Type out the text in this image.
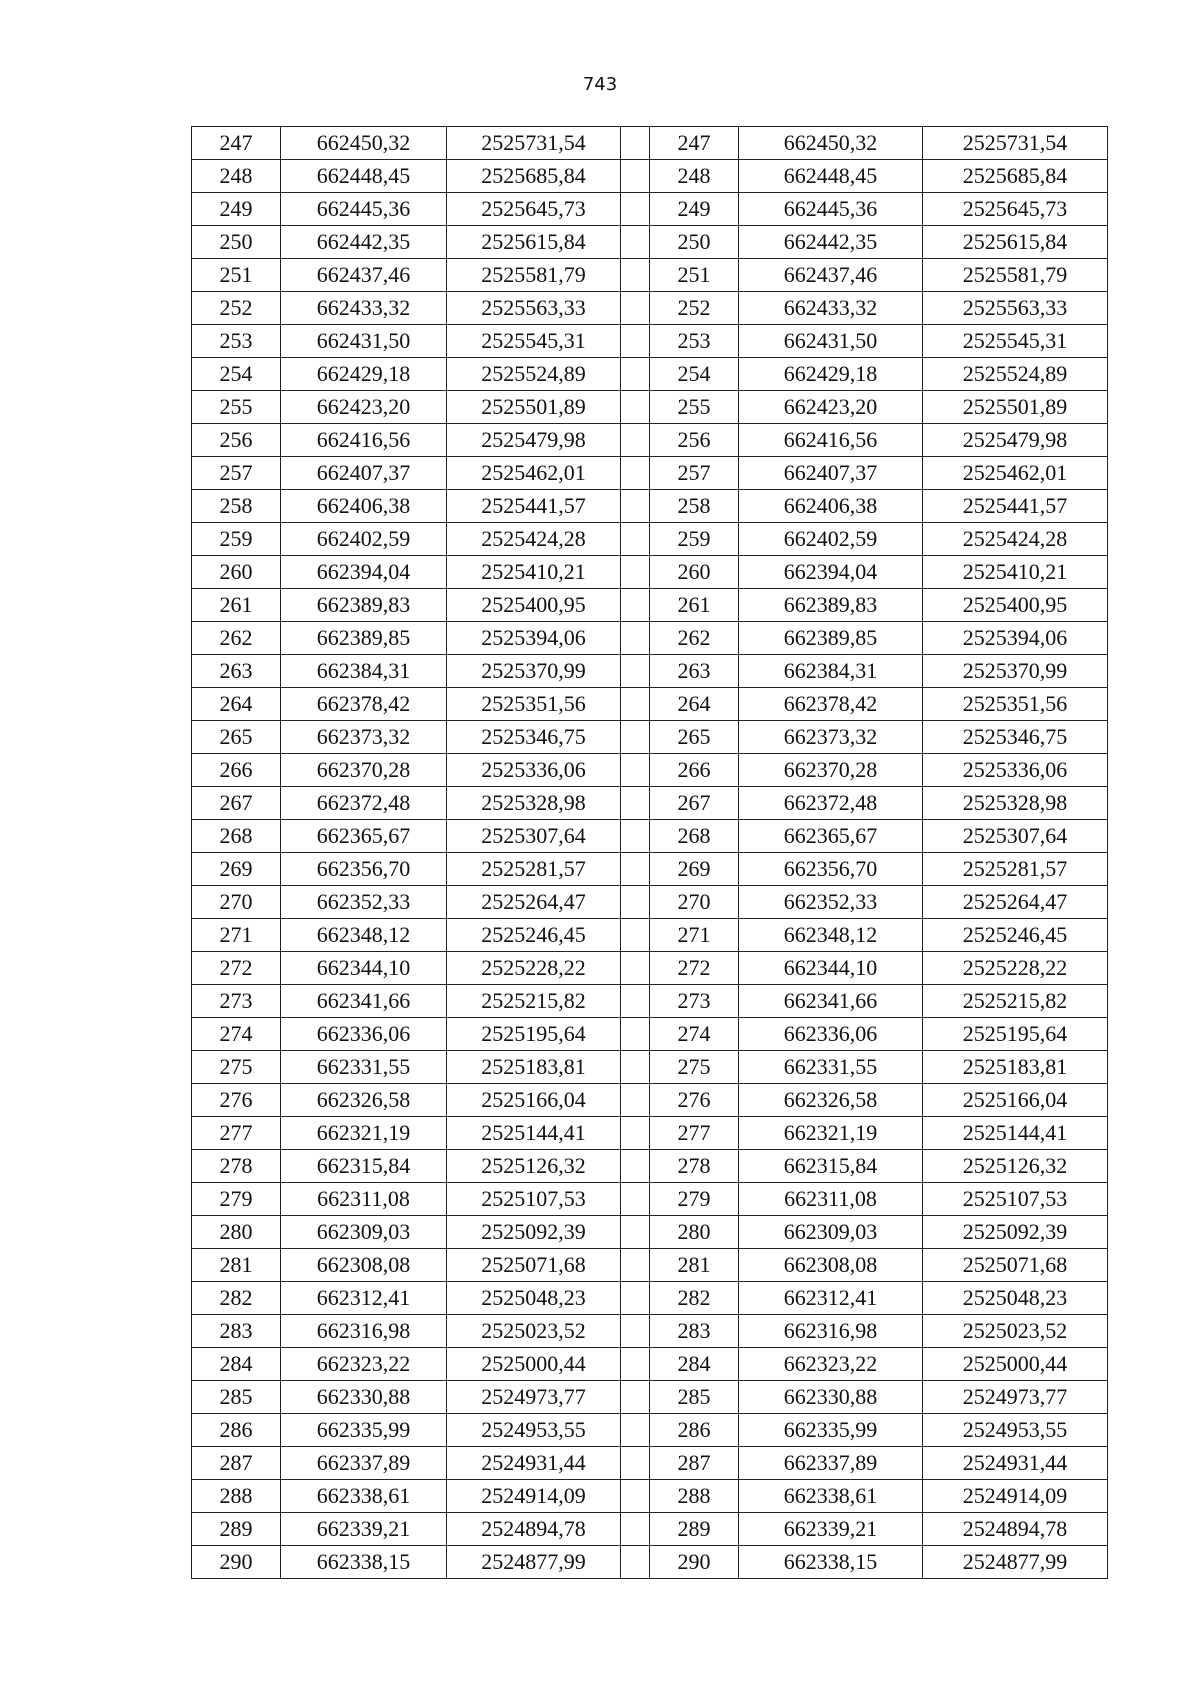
743
247	662450,32	2525731,54		247	662450,32	2525731,54
248	662448,45	2525685,84		248	662448,45	2525685,84
249	662445,36	2525645,73		249	662445,36	2525645,73
250	662442,35	2525615,84		250	662442,35	2525615,84
251	662437,46	2525581,79		251	662437,46	2525581,79
252	662433,32	2525563,33		252	662433,32	2525563,33
253	662431,50	2525545,31		253	662431,50	2525545,31
254	662429,18	2525524,89		254	662429,18	2525524,89
255	662423,20	2525501,89		255	662423,20	2525501,89
256	662416,56	2525479,98		256	662416,56	2525479,98
257	662407,37	2525462,01		257	662407,37	2525462,01
258	662406,38	2525441,57		258	662406,38	2525441,57
259	662402,59	2525424,28		259	662402,59	2525424,28
260	662394,04	2525410,21		260	662394,04	2525410,21
261	662389,83	2525400,95		261	662389,83	2525400,95
262	662389,85	2525394,06		262	662389,85	2525394,06
263	662384,31	2525370,99		263	662384,31	2525370,99
264	662378,42	2525351,56		264	662378,42	2525351,56
265	662373,32	2525346,75		265	662373,32	2525346,75
266	662370,28	2525336,06		266	662370,28	2525336,06
267	662372,48	2525328,98		267	662372,48	2525328,98
268	662365,67	2525307,64		268	662365,67	2525307,64
269	662356,70	2525281,57		269	662356,70	2525281,57
270	662352,33	2525264,47		270	662352,33	2525264,47
271	662348,12	2525246,45		271	662348,12	2525246,45
272	662344,10	2525228,22		272	662344,10	2525228,22
273	662341,66	2525215,82		273	662341,66	2525215,82
274	662336,06	2525195,64		274	662336,06	2525195,64
275	662331,55	2525183,81		275	662331,55	2525183,81
276	662326,58	2525166,04		276	662326,58	2525166,04
277	662321,19	2525144,41		277	662321,19	2525144,41
278	662315,84	2525126,32		278	662315,84	2525126,32
279	662311,08	2525107,53		279	662311,08	2525107,53
280	662309,03	2525092,39		280	662309,03	2525092,39
281	662308,08	2525071,68		281	662308,08	2525071,68
282	662312,41	2525048,23		282	662312,41	2525048,23
283	662316,98	2525023,52		283	662316,98	2525023,52
284	662323,22	2525000,44		284	662323,22	2525000,44
285	662330,88	2524973,77		285	662330,88	2524973,77
286	662335,99	2524953,55		286	662335,99	2524953,55
287	662337,89	2524931,44		287	662337,89	2524931,44
288	662338,61	2524914,09		288	662338,61	2524914,09
289	662339,21	2524894,78		289	662339,21	2524894,78
290	662338,15	2524877,99		290	662338,15	2524877,99
